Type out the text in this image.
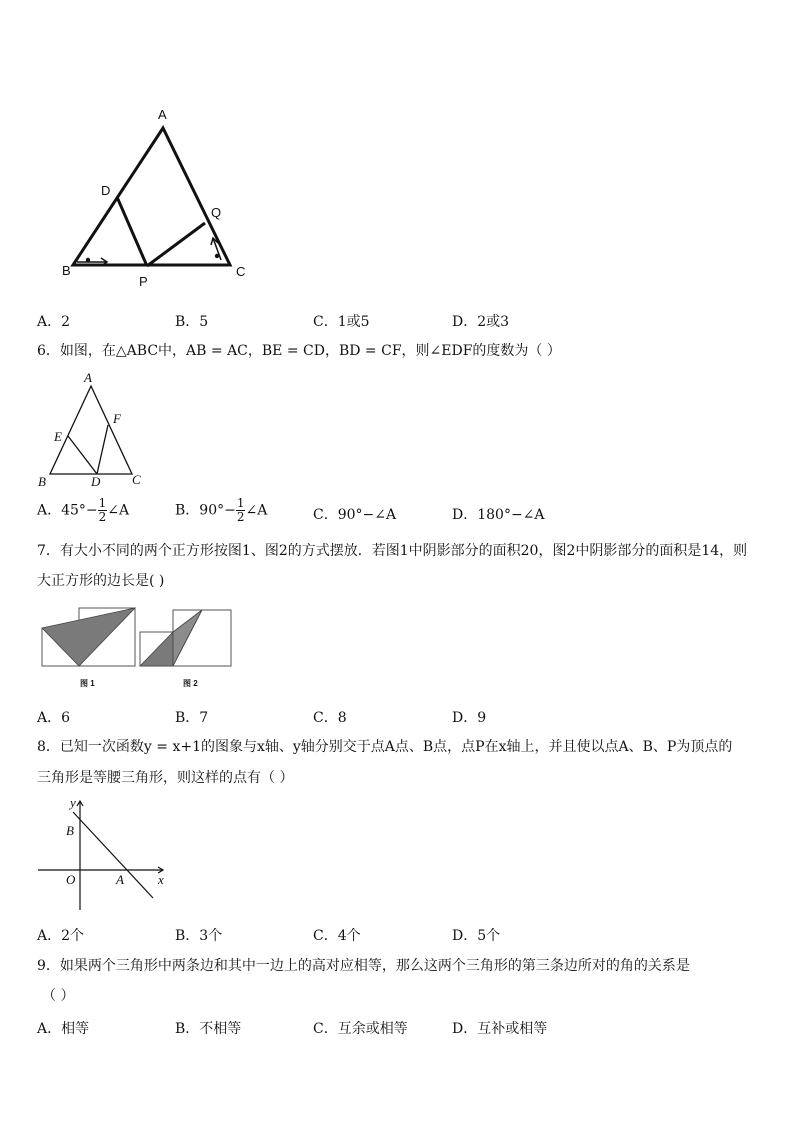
A
D
Q
B
P
C
A．2	B．5	C．1或5	D．2或3
6．如图，在△ABC中，AB = AC，BE = CD，BD = CF，则∠EDF的度数为（ ）
A
E
F
B	D C
A．$45^\circ- \frac{1}{2}$ ∠A	B．$90^\circ- \frac{1}{2}$ ∠A	C．90°−∠A	D．180°−∠A
7．有大小不同的两个正方形按图1、图2的方式摆放．若图1中阴影部分的面积20，图2中阴影部分的面积是14，则
大正方形的边长是( )
图 1	图 2
A．6	B．7	C．8	D．9
8．已知一次函数y = x+1的图象与x轴、y轴分别交于点A点、B点，点P在x轴上，并且使以点A、B、P为顶点的
三角形是等腰三角形，则这样的点有（ ）
y
x
O	A
B
A．2个	B．3个	C．4个	D．5个
9．如果两个三角形中两条边和其中一边上的高对应相等，那么这两个三角形的第三条边所对的角的关系是
（ ）
A．相等	B．不相等	C．互余或相等	D．互补或相等
